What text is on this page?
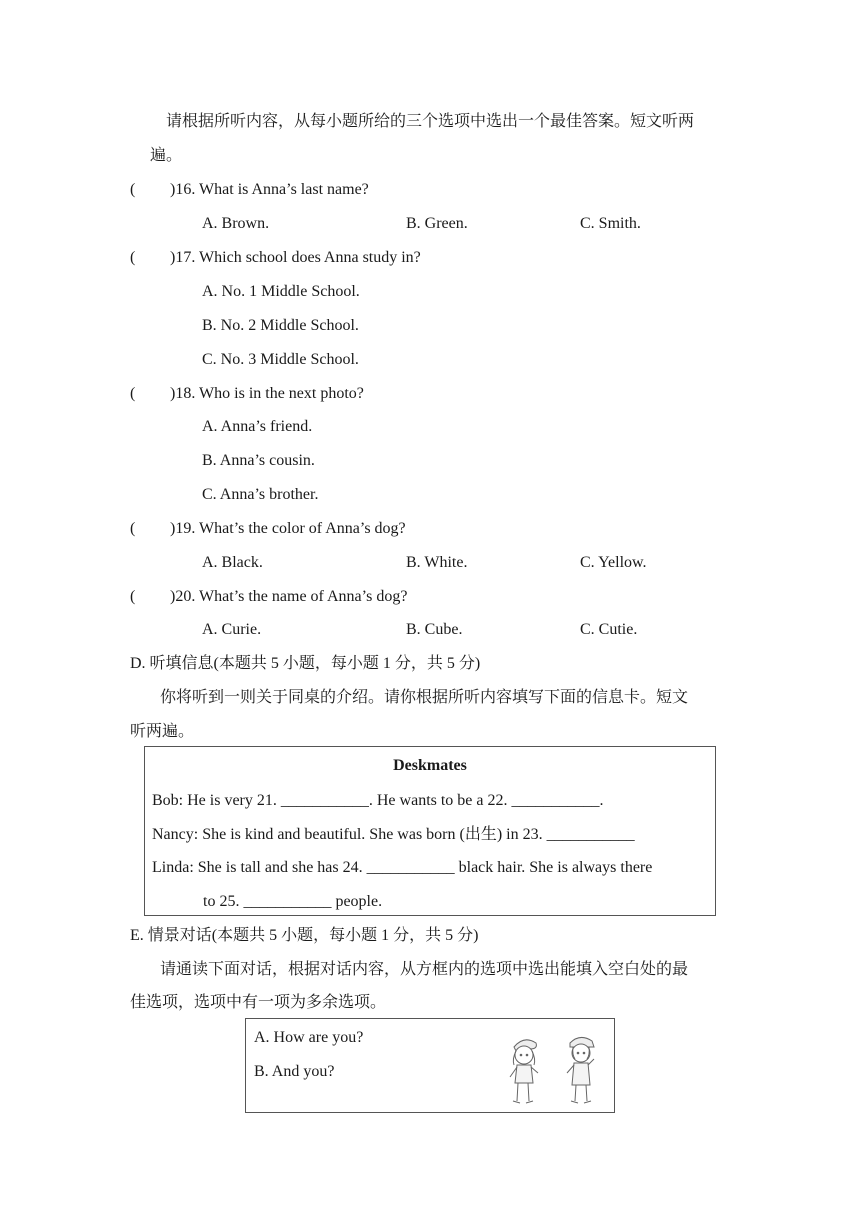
请根据所听内容，从每小题所给的三个选项中选出一个最佳答案。短文听两
遍。
)16. What is Anna’s last name?
(
A. Brown.	B. Green.	C. Smith.
( )17. Which school does Anna study in?
A. No. 1 Middle School.
B. No. 2 Middle School.
C. No. 3 Middle School.
( )18. Who is in the next photo?
A. Anna’s friend.
B. Anna’s cousin.
C. Anna’s brother.
( )19. What’s the color of Anna’s dog?
A. Black.	B. White.	C. Yellow.
( )20. What’s the name of Anna’s dog?
A. Curie.	B. Cube.	C. Cutie.
D. 听填信息(本题共 5 小题，每小题 1 分，共 5 分)
你将听到一则关于同桌的介绍。请你根据所听内容填写下面的信息卡。短文
听两遍。
Deskmates
Bob: He is very 21. ___________. He wants to be a 22. ___________.
Nancy: She is kind and beautiful. She was born (出生) in 23. ___________
Linda: She is tall and she has 24. ___________ black hair. She is always there
to 25. ___________ people.
E. 情景对话(本题共 5 小题，每小题 1 分，共 5 分)
请通读下面对话，根据对话内容，从方框内的选项中选出能填入空白处的最
佳选项，选项中有一项为多余选项。
A. How are you?
B. And you?
